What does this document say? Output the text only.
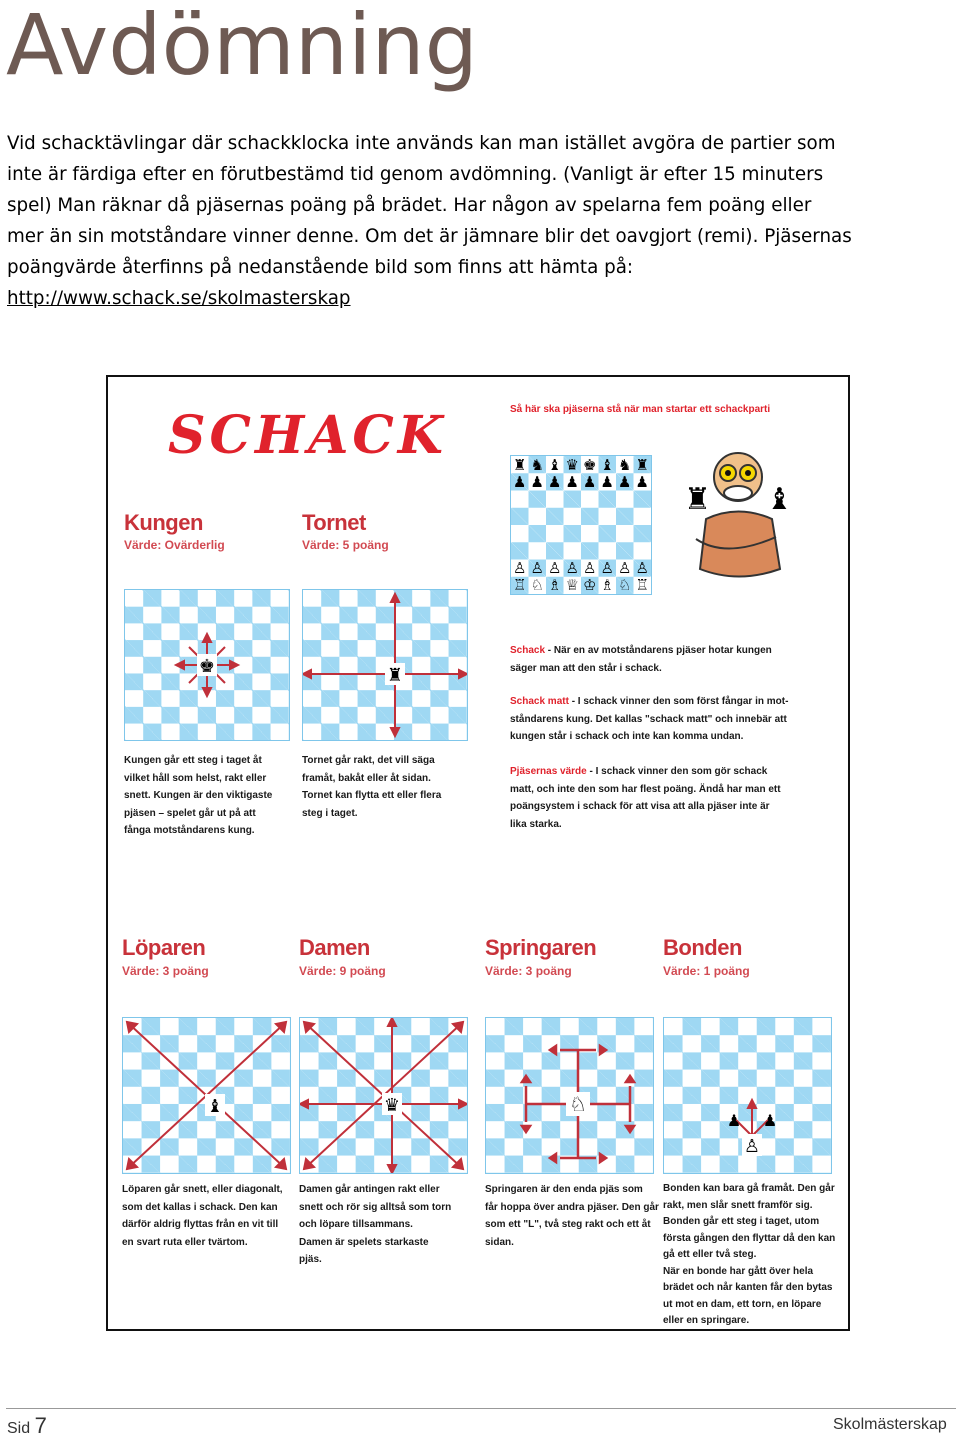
Avdömning

Vid schacktävlingar där schackklocka inte används kan man istället avgöra de partier som
inte är färdiga efter en förutbestämd tid genom avdömning. (Vanligt är efter 15 minuters
spel) Man räknar då pjäsernas poäng på brädet. Har någon av spelarna fem poäng eller
mer än sin motståndare vinner denne. Om det är jämnare blir det oavgjort (remi). Pjäsernas
poängvärde återfinns på nedanstående bild som finns att hämta på:
http://www.schack.se/skolmasterskap

SCHACK	Så här ska pjäserna stå när man startar ett schackparti
♜ ♞ ♝ ♛ ♚ ♝ ♞ ♜
♟ ♟ ♟ ♟ ♟ ♟ ♟ ♟
♙ ♙ ♙ ♙ ♙ ♙ ♙ ♙
♖ ♘ ♗ ♕ ♔ ♗ ♘ ♖
♜ ♝
Kungen
Värde: Ovärderlig
Tornet
Värde: 5 poäng
♚	♜
Kungen går ett steg i taget åt
vilket håll som helst, rakt eller
snett. Kungen är den viktigaste
pjäsen – spelet går ut på att
fånga motståndarens kung.
Tornet går rakt, det vill säga
framåt, bakåt eller åt sidan.
Tornet kan flytta ett eller flera
steg i taget.
Schack - När en av motståndarens pjäser hotar kungen
säger man att den står i schack.
Schack matt - I schack vinner den som först fångar in mot-
ståndarens kung. Det kallas "schack matt" och innebär att
kungen står i schack och inte kan komma undan.
Pjäsernas värde - I schack vinner den som gör schack
matt, och inte den som har flest poäng. Ändå har man ett
poängsystem i schack för att visa att alla pjäser inte är
lika starka.
Löparen
Värde: 3 poäng
Damen
Värde: 9 poäng
Springaren
Värde: 3 poäng
Bonden
Värde: 1 poäng
♝	♛	♘
♟ ♟
♙
Löparen går snett, eller diagonalt,
som det kallas i schack. Den kan
därför aldrig flyttas från en vit till
en svart ruta eller tvärtom.
Damen går antingen rakt eller
snett och rör sig alltså som torn
och löpare tillsammans.
Damen är spelets starkaste
pjäs.
Springaren är den enda pjäs som
får hoppa över andra pjäser. Den går
som ett "L", två steg rakt och ett åt
sidan.
Bonden kan bara gå framåt. Den går
rakt, men slår snett framför sig.
Bonden går ett steg i taget, utom
första gången den flyttar då den kan
gå ett eller två steg.
När en bonde har gått över hela
brädet och når kanten får den bytas
ut mot en dam, ett torn, en löpare
eller en springare.
Sid 7	Skolmästerskap
